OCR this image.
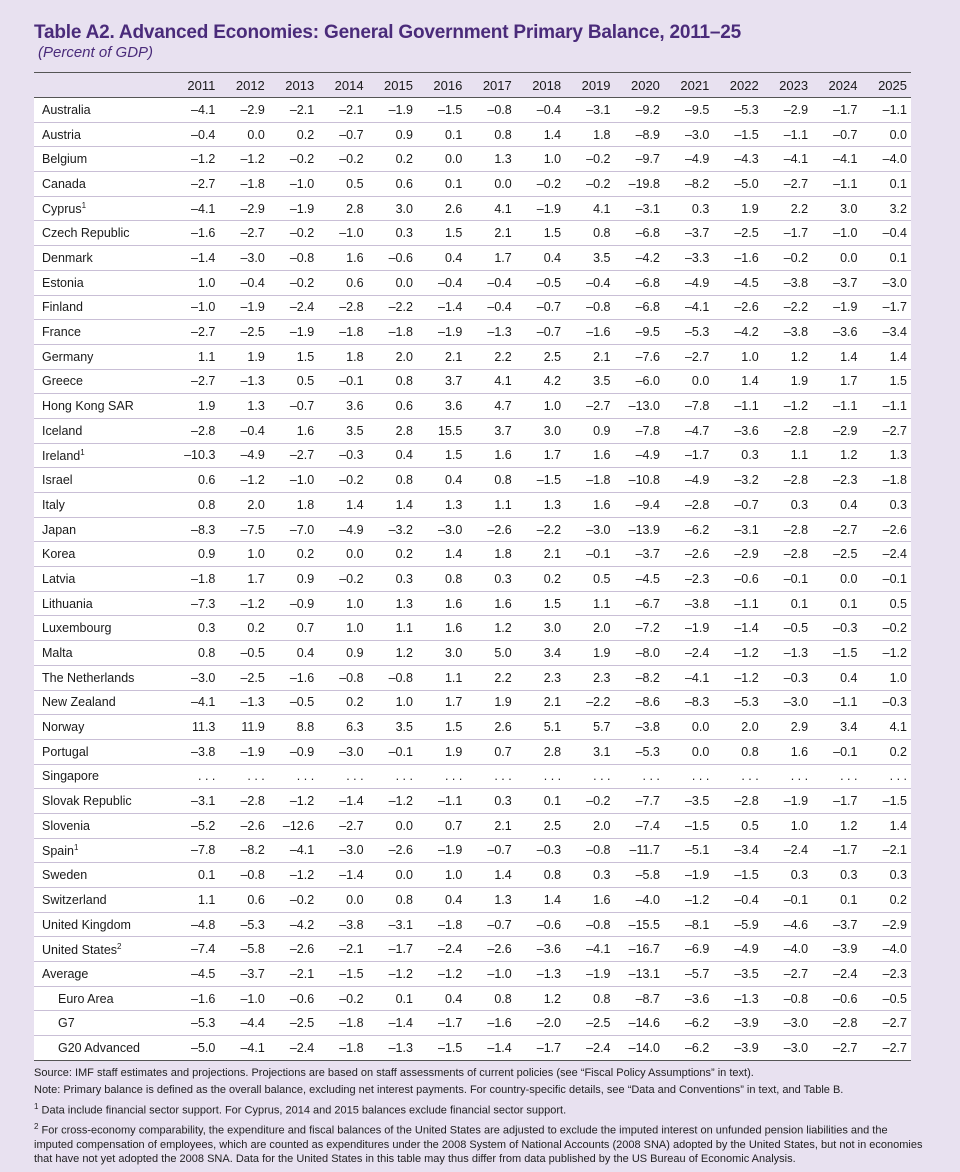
Table A2. Advanced Economies: General Government Primary Balance, 2011–25
(Percent of GDP)
	2011	2012	2013	2014	2015	2016	2017	2018	2019	2020	2021	2022	2023	2024	2025
Australia	–4.1	–2.9	–2.1	–2.1	–1.9	–1.5	–0.8	–0.4	–3.1	–9.2	–9.5	–5.3	–2.9	–1.7	–1.1
Austria	–0.4	0.0	0.2	–0.7	0.9	0.1	0.8	1.4	1.8	–8.9	–3.0	–1.5	–1.1	–0.7	0.0
Belgium	–1.2	–1.2	–0.2	–0.2	0.2	0.0	1.3	1.0	–0.2	–9.7	–4.9	–4.3	–4.1	–4.1	–4.0
Canada	–2.7	–1.8	–1.0	0.5	0.6	0.1	0.0	–0.2	–0.2	–19.8	–8.2	–5.0	–2.7	–1.1	0.1
Cyprus$^1$	–4.1	–2.9	–1.9	2.8	3.0	2.6	4.1	–1.9	4.1	–3.1	0.3	1.9	2.2	3.0	3.2
Czech Republic	–1.6	–2.7	–0.2	–1.0	0.3	1.5	2.1	1.5	0.8	–6.8	–3.7	–2.5	–1.7	–1.0	–0.4
Denmark	–1.4	–3.0	–0.8	1.6	–0.6	0.4	1.7	0.4	3.5	–4.2	–3.3	–1.6	–0.2	0.0	0.1
Estonia	1.0	–0.4	–0.2	0.6	0.0	–0.4	–0.4	–0.5	–0.4	–6.8	–4.9	–4.5	–3.8	–3.7	–3.0
Finland	–1.0	–1.9	–2.4	–2.8	–2.2	–1.4	–0.4	–0.7	–0.8	–6.8	–4.1	–2.6	–2.2	–1.9	–1.7
France	–2.7	–2.5	–1.9	–1.8	–1.8	–1.9	–1.3	–0.7	–1.6	–9.5	–5.3	–4.2	–3.8	–3.6	–3.4
Germany	1.1	1.9	1.5	1.8	2.0	2.1	2.2	2.5	2.1	–7.6	–2.7	1.0	1.2	1.4	1.4
Greece	–2.7	–1.3	0.5	–0.1	0.8	3.7	4.1	4.2	3.5	–6.0	0.0	1.4	1.9	1.7	1.5
Hong Kong SAR	1.9	1.3	–0.7	3.6	0.6	3.6	4.7	1.0	–2.7	–13.0	–7.8	–1.1	–1.2	–1.1	–1.1
Iceland	–2.8	–0.4	1.6	3.5	2.8	15.5	3.7	3.0	0.9	–7.8	–4.7	–3.6	–2.8	–2.9	–2.7
Ireland$^1$	–10.3	–4.9	–2.7	–0.3	0.4	1.5	1.6	1.7	1.6	–4.9	–1.7	0.3	1.1	1.2	1.3
Israel	0.6	–1.2	–1.0	–0.2	0.8	0.4	0.8	–1.5	–1.8	–10.8	–4.9	–3.2	–2.8	–2.3	–1.8
Italy	0.8	2.0	1.8	1.4	1.4	1.3	1.1	1.3	1.6	–9.4	–2.8	–0.7	0.3	0.4	0.3
Japan	–8.3	–7.5	–7.0	–4.9	–3.2	–3.0	–2.6	–2.2	–3.0	–13.9	–6.2	–3.1	–2.8	–2.7	–2.6
Korea	0.9	1.0	0.2	0.0	0.2	1.4	1.8	2.1	–0.1	–3.7	–2.6	–2.9	–2.8	–2.5	–2.4
Latvia	–1.8	1.7	0.9	–0.2	0.3	0.8	0.3	0.2	0.5	–4.5	–2.3	–0.6	–0.1	0.0	–0.1
Lithuania	–7.3	–1.2	–0.9	1.0	1.3	1.6	1.6	1.5	1.1	–6.7	–3.8	–1.1	0.1	0.1	0.5
Luxembourg	0.3	0.2	0.7	1.0	1.1	1.6	1.2	3.0	2.0	–7.2	–1.9	–1.4	–0.5	–0.3	–0.2
Malta	0.8	–0.5	0.4	0.9	1.2	3.0	5.0	3.4	1.9	–8.0	–2.4	–1.2	–1.3	–1.5	–1.2
The Netherlands	–3.0	–2.5	–1.6	–0.8	–0.8	1.1	2.2	2.3	2.3	–8.2	–4.1	–1.2	–0.3	0.4	1.0
New Zealand	–4.1	–1.3	–0.5	0.2	1.0	1.7	1.9	2.1	–2.2	–8.6	–8.3	–5.3	–3.0	–1.1	–0.3
Norway	11.3	11.9	8.8	6.3	3.5	1.5	2.6	5.1	5.7	–3.8	0.0	2.0	2.9	3.4	4.1
Portugal	–3.8	–1.9	–0.9	–3.0	–0.1	1.9	0.7	2.8	3.1	–5.3	0.0	0.8	1.6	–0.1	0.2
Singapore	. . .	. . .	. . .	. . .	. . .	. . .	. . .	. . .	. . .	. . .	. . .	. . .	. . .	. . .	. . .
Slovak Republic	–3.1	–2.8	–1.2	–1.4	–1.2	–1.1	0.3	0.1	–0.2	–7.7	–3.5	–2.8	–1.9	–1.7	–1.5
Slovenia	–5.2	–2.6	–12.6	–2.7	0.0	0.7	2.1	2.5	2.0	–7.4	–1.5	0.5	1.0	1.2	1.4
Spain$^1$	–7.8	–8.2	–4.1	–3.0	–2.6	–1.9	–0.7	–0.3	–0.8	–11.7	–5.1	–3.4	–2.4	–1.7	–2.1
Sweden	0.1	–0.8	–1.2	–1.4	0.0	1.0	1.4	0.8	0.3	–5.8	–1.9	–1.5	0.3	0.3	0.3
Switzerland	1.1	0.6	–0.2	0.0	0.8	0.4	1.3	1.4	1.6	–4.0	–1.2	–0.4	–0.1	0.1	0.2
United Kingdom	–4.8	–5.3	–4.2	–3.8	–3.1	–1.8	–0.7	–0.6	–0.8	–15.5	–8.1	–5.9	–4.6	–3.7	–2.9
United States$^2$	–7.4	–5.8	–2.6	–2.1	–1.7	–2.4	–2.6	–3.6	–4.1	–16.7	–6.9	–4.9	–4.0	–3.9	–4.0
Average	–4.5	–3.7	–2.1	–1.5	–1.2	–1.2	–1.0	–1.3	–1.9	–13.1	–5.7	–3.5	–2.7	–2.4	–2.3
Euro Area	–1.6	–1.0	–0.6	–0.2	0.1	0.4	0.8	1.2	0.8	–8.7	–3.6	–1.3	–0.8	–0.6	–0.5
G7	–5.3	–4.4	–2.5	–1.8	–1.4	–1.7	–1.6	–2.0	–2.5	–14.6	–6.2	–3.9	–3.0	–2.8	–2.7
G20 Advanced	–5.0	–4.1	–2.4	–1.8	–1.3	–1.5	–1.4	–1.7	–2.4	–14.0	–6.2	–3.9	–3.0	–2.7	–2.7

Source: IMF staff estimates and projections. Projections are based on staff assessments of current policies (see “Fiscal Policy Assumptions” in text).

Note: Primary balance is defined as the overall balance, excluding net interest payments. For country-specific details, see “Data and Conventions” in text, and Table B.

$^1$ Data include financial sector support. For Cyprus, 2014 and 2015 balances exclude financial sector support.

$^2$ For cross-economy comparability, the expenditure and fiscal balances of the United States are adjusted to exclude the imputed interest on unfunded pension liabilities and the imputed compensation of employees, which are counted as expenditures under the 2008 System of National Accounts (2008 SNA) adopted by the United States, but not in economies that have not yet adopted the 2008 SNA. Data for the United States in this table may thus differ from data published by the US Bureau of Economic Analysis.
